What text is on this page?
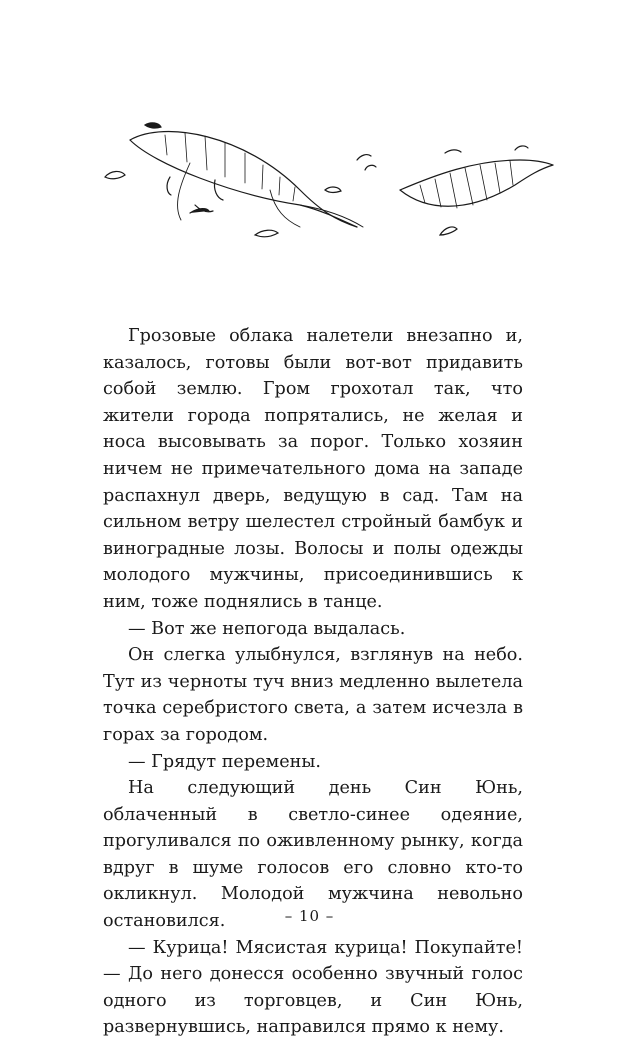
Грозовые облака налетели внезапно и, казалось, готовы были вот-вот придавить собой землю. Гром грохотал так, что жители города попрятались, не желая и носа высовывать за порог. Только хозяин ничем не примечательного дома на западе распахнул дверь, ведущую в сад. Там на сильном ветру шелестел стройный бамбук и виноградные лозы. Волосы и полы одежды молодого мужчины, присоединившись к ним, тоже поднялись в танце.

— Вот же непогода выдалась.

Он слегка улыбнулся, взглянув на небо. Тут из черноты туч вниз медленно вылетела точка серебристого света, а затем исчезла в горах за городом.

— Грядут перемены.

На следующий день Син Юнь, облаченный в светло-синее одеяние, прогуливался по оживленному рынку, когда вдруг в шуме голосов его словно кто-то окликнул. Молодой мужчина невольно остановился.

— Курица! Мясистая курица! Покупайте! — До него донесся особенно звучный голос одного из торговцев, и Син Юнь, развернувшись, направился прямо к нему.

– 10 –
